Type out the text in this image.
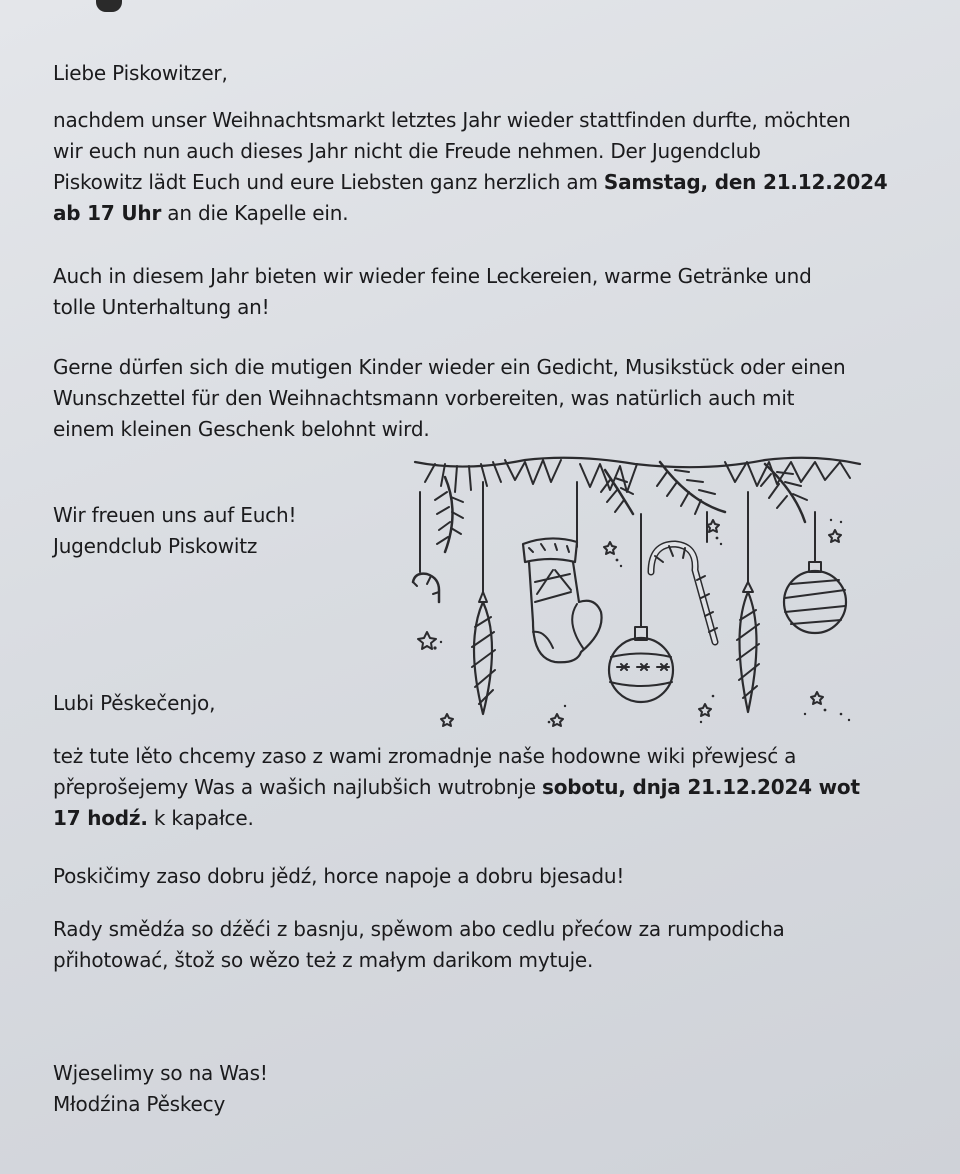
Liebe Piskowitzer,

nachdem unser Weihnachtsmarkt letztes Jahr wieder stattfinden durfte, möchten
wir euch nun auch dieses Jahr nicht die Freude nehmen. Der Jugendclub
Piskowitz lädt Euch und eure Liebsten ganz herzlich am Samstag, den 21.12.2024
ab 17 Uhr an die Kapelle ein.

Auch in diesem Jahr bieten wir wieder feine Leckereien, warme Getränke und
tolle Unterhaltung an!

Gerne dürfen sich die mutigen Kinder wieder ein Gedicht, Musikstück oder einen
Wunschzettel für den Weihnachtsmann vorbereiten, was natürlich auch mit
einem kleinen Geschenk belohnt wird.

Wir freuen uns auf Euch!
Jugendclub Piskowitz

Lubi Pěskečenjo,

też tute lěto chcemy zaso z wami zromadnje naše hodowne wiki přewjesć a
přeprošejemy Was a wašich najlubšich wutrobnje sobotu, dnja 21.12.2024 wot
17 hodź. k kapałce.

Poskičimy zaso dobru jědź, horce napoje a dobru bjesadu!

Rady smědźa so dźěći z basnju, spěwom abo cedlu přećow za rumpodicha
přihotować, štož so wězo też z małym darikom mytuje.

Wjeselimy so na Was!
Młodźina Pěskecy
